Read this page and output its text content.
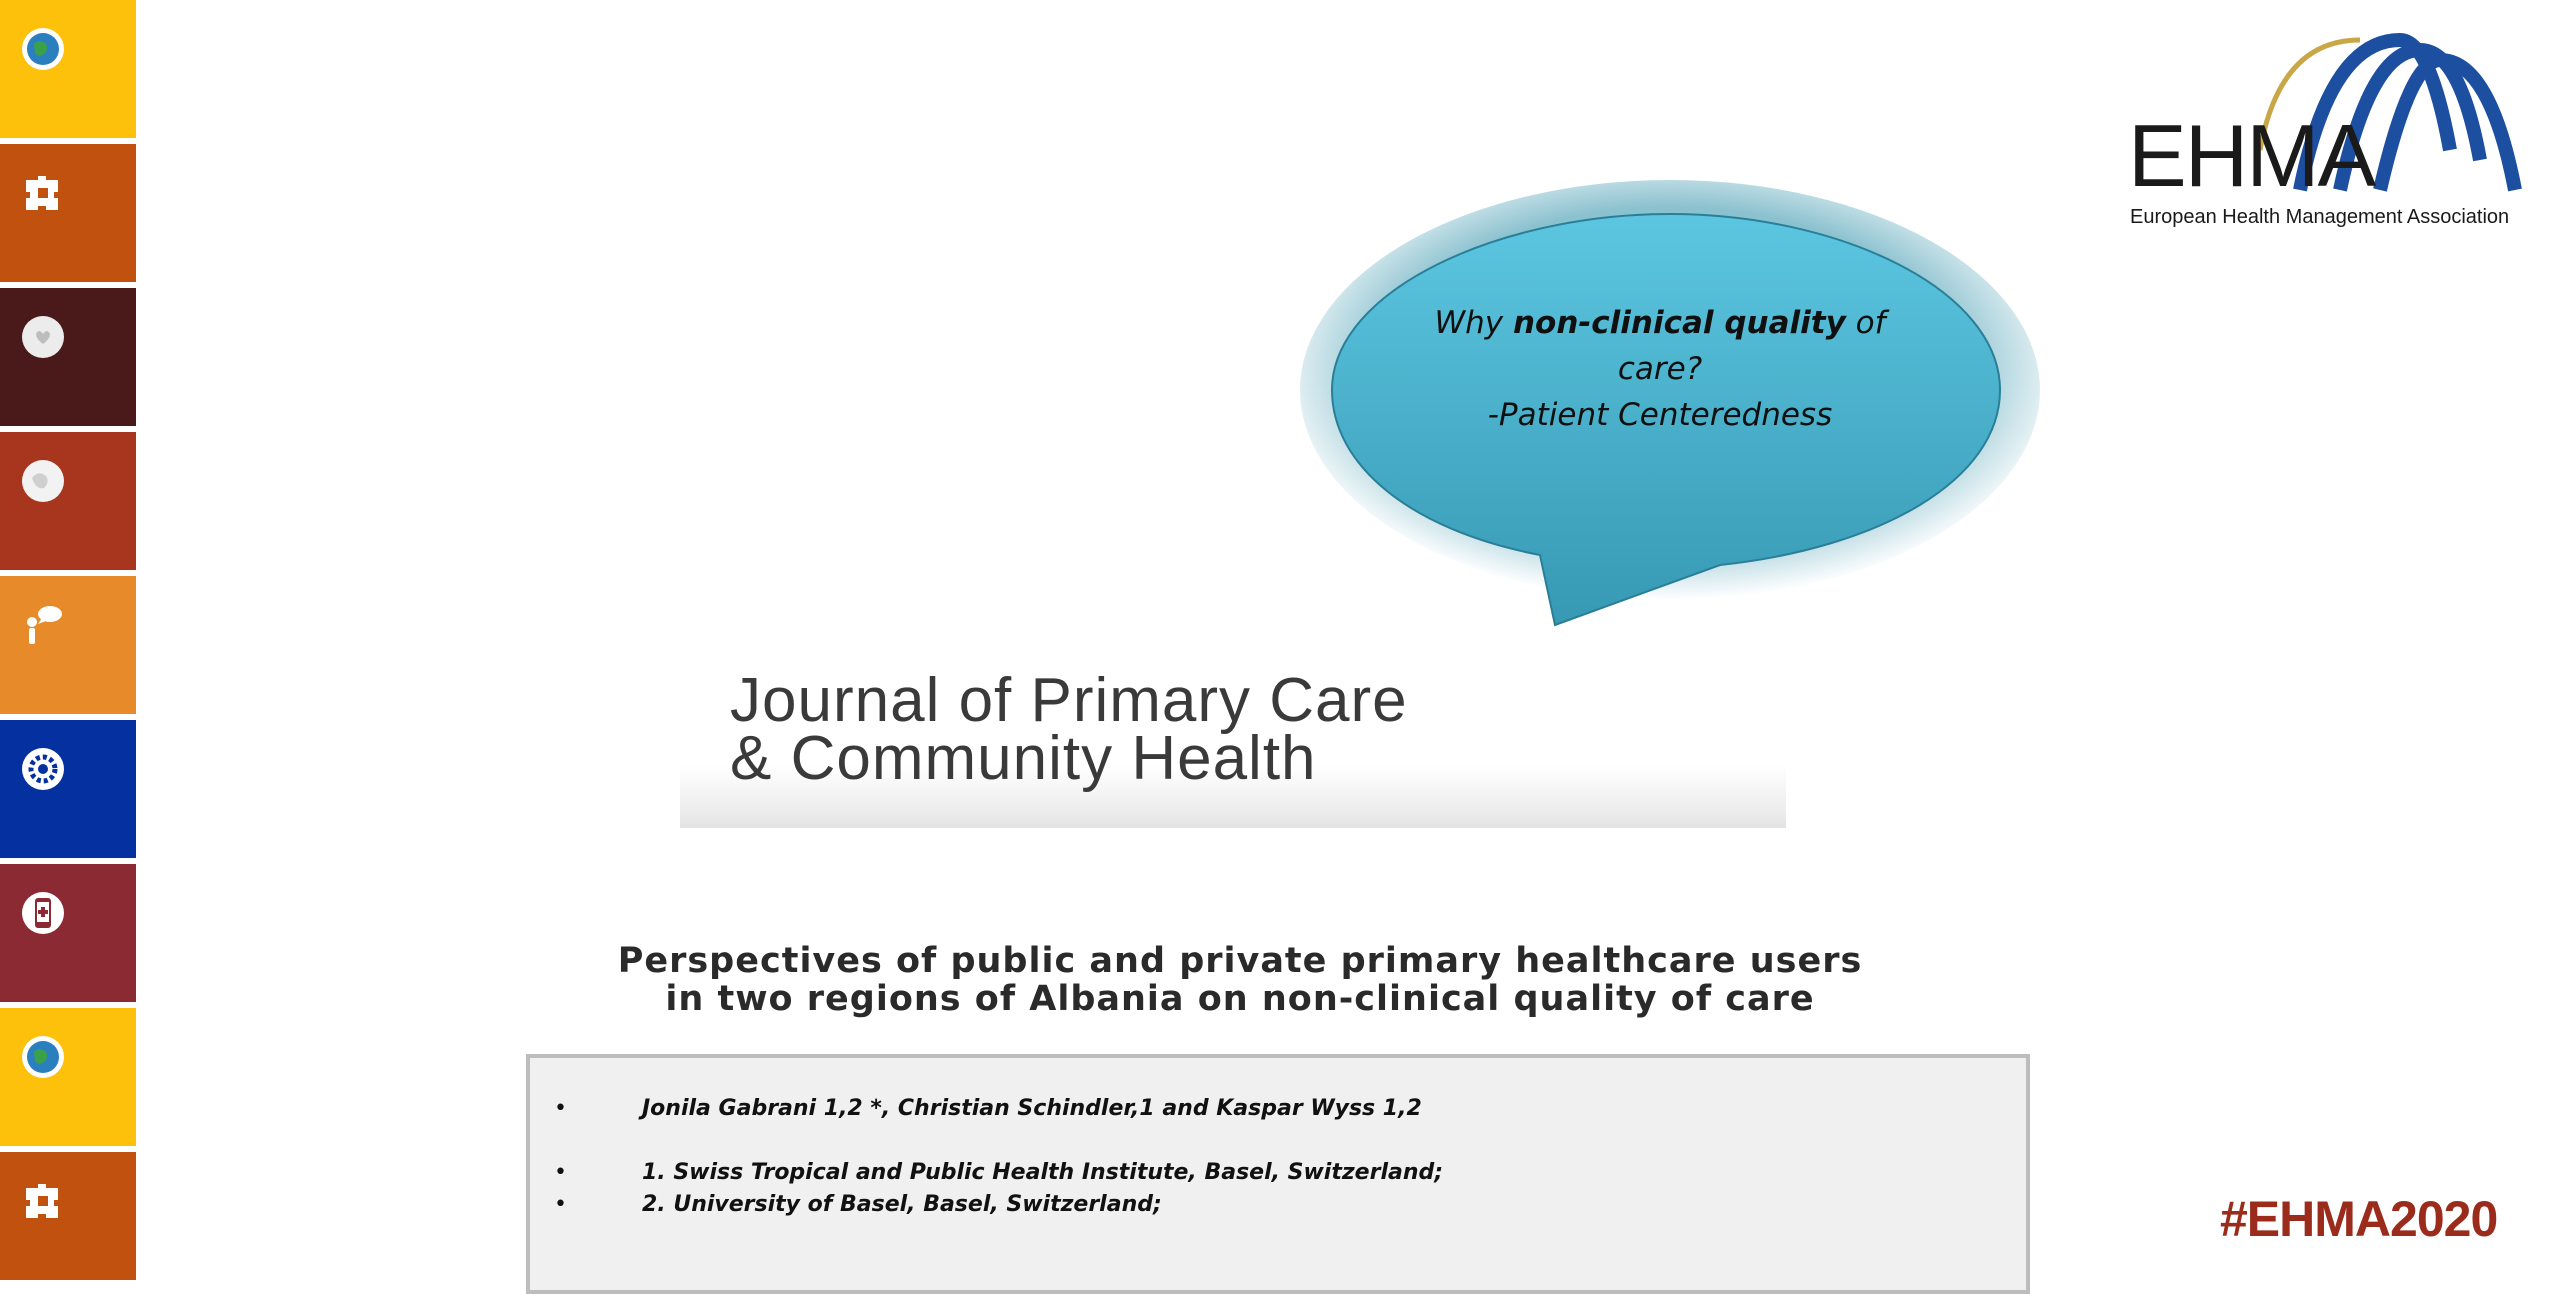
EHMA
European Health Management Association
Why non-clinical quality of
care?
-Patient Centeredness
Journal of Primary Care
& Community Health
Perspectives of public and private primary healthcare users
in two regions of Albania on non-clinical quality of care
•	Jonila Gabrani 1,2 *, Christian Schindler,1 and Kaspar Wyss 1,2
•	1. Swiss Tropical and Public Health Institute, Basel, Switzerland;
•	2. University of Basel, Basel, Switzerland;	#EHMA2020
